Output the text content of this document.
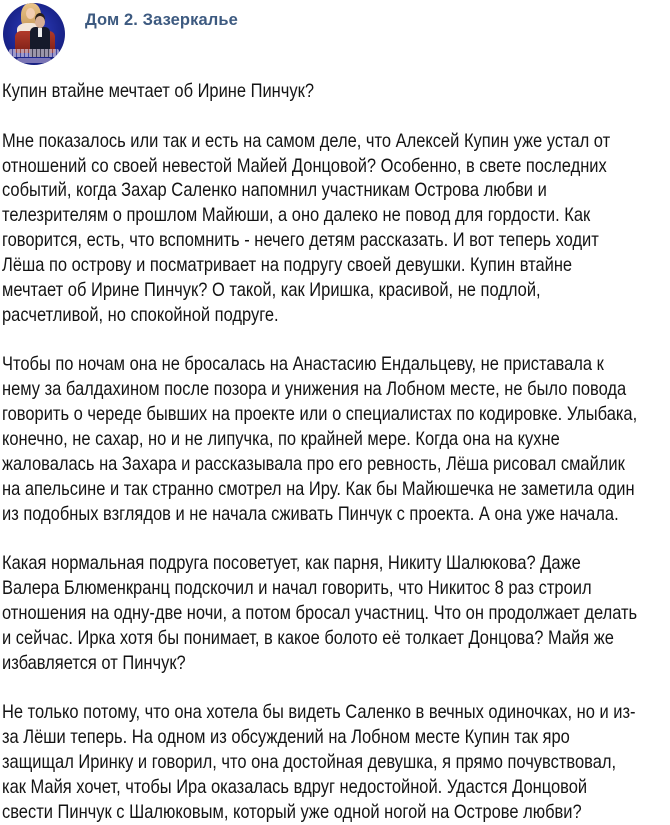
Дом 2. Зазеркалье
Купин втайне мечтает об Ирине Пинчук?
Мне показалось или так и есть на самом деле, что Алексей Купин уже устал от
отношений со своей невестой Майей Донцовой? Особенно, в свете последних
событий, когда Захар Саленко напомнил участникам Острова любви и
телезрителям о прошлом Майюши, а оно далеко не повод для гордости. Как
говорится, есть, что вспомнить - нечего детям рассказать. И вот теперь ходит
Лёша по острову и посматривает на подругу своей девушки. Купин втайне
мечтает об Ирине Пинчук? О такой, как Иришка, красивой, не подлой,
расчетливой, но спокойной подруге.
Чтобы по ночам она не бросалась на Анастасию Ендальцеву, не приставала к
нему за балдахином после позора и унижения на Лобном месте, не было повода
говорить о череде бывших на проекте или о специалистах по кодировке. Улыбака,
конечно, не сахар, но и не липучка, по крайней мере. Когда она на кухне
жаловалась на Захара и рассказывала про его ревность, Лёша рисовал смайлик
на апельсине и так странно смотрел на Иру. Как бы Майюшечка не заметила один
из подобных взглядов и не начала сживать Пинчук с проекта. А она уже начала.
Какая нормальная подруга посоветует, как парня, Никиту Шалюкова? Даже
Валера Блюменкранц подскочил и начал говорить, что Никитос 8 раз строил
отношения на одну-две ночи, а потом бросал участниц. Что он продолжает делать
и сейчас. Ирка хотя бы понимает, в какое болото её толкает Донцова? Майя же
избавляется от Пинчук?
Не только потому, что она хотела бы видеть Саленко в вечных одиночках, но и из-
за Лёши теперь. На одном из обсуждений на Лобном месте Купин так яро
защищал Иринку и говорил, что она достойная девушка, я прямо почувствовал,
как Майя хочет, чтобы Ира оказалась вдруг недостойной. Удастся Донцовой
свести Пинчук с Шалюковым, который уже одной ногой на Острове любви?
